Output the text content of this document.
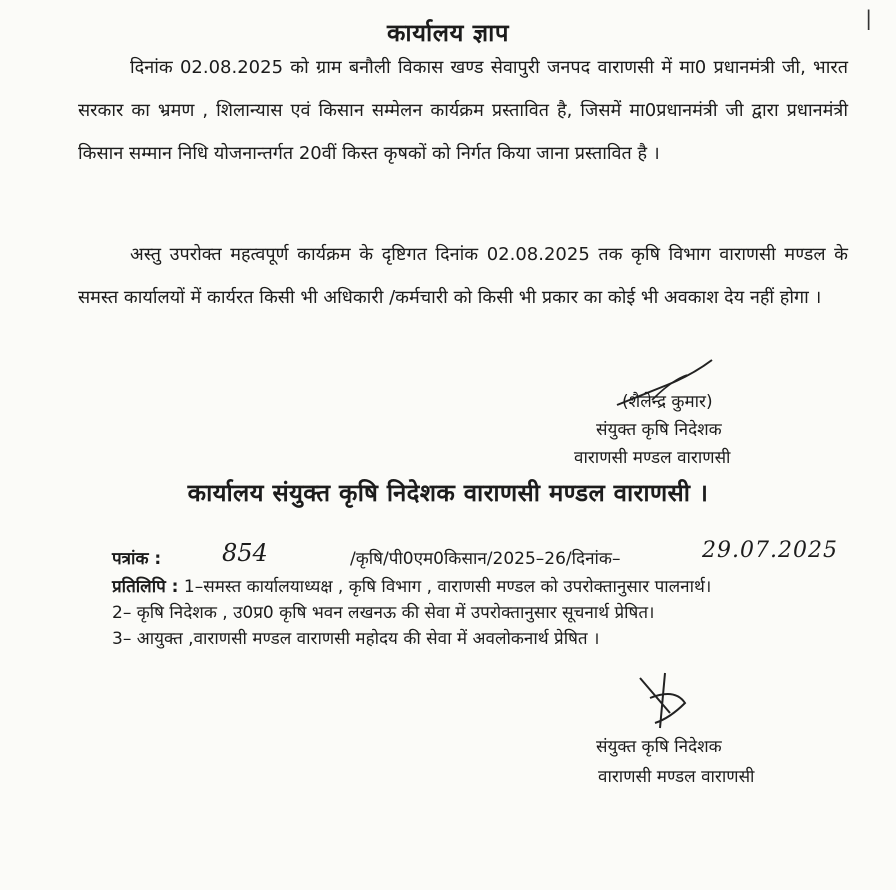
|
कार्यालय ज्ञाप
दिनांक 02.08.2025 को ग्राम बनौली विकास खण्ड सेवापुरी जनपद वाराणसी में मा0 प्रधानमंत्री जी, भारत सरकार का भ्रमण , शिलान्यास एवं किसान सम्मेलन कार्यक्रम प्रस्तावित है, जिसमें मा0प्रधानमंत्री जी द्वारा प्रधानमंत्री किसान सम्मान निधि योजनान्तर्गत 20वीं किस्त कृषकों को निर्गत किया जाना प्रस्तावित है ।
अस्तु उपरोक्त महत्वपूर्ण कार्यक्रम के दृष्टिगत दिनांक 02.08.2025 तक कृषि विभाग वाराणसी मण्डल के समस्त कार्यालयों में कार्यरत किसी भी अधिकारी /कर्मचारी को किसी भी प्रकार का कोई भी अवकाश देय नहीं होगा ।
(शैलेन्द्र कुमार)
संयुक्त कृषि निदेशक
वाराणसी मण्डल वाराणसी
कार्यालय संयुक्त कृषि निदेशक वाराणसी मण्डल वाराणसी ।
पत्रांक :	854	/कृषि/पी0एम0किसान/2025–26/दिनांक–	29.07.2025

प्रतिलिपि : 1–समस्त कार्यालयाध्यक्ष , कृषि विभाग , वाराणसी मण्डल को उपरोक्तानुसार पालनार्थ।

2– कृषि निदेशक , उ0प्र0 कृषि भवन लखनऊ की सेवा में उपरोक्तानुसार सूचनार्थ प्रेषित।

3– आयुक्त ,वाराणसी मण्डल वाराणसी महोदय की सेवा में अवलोकनार्थ प्रेषित ।

संयुक्त कृषि निदेशक
वाराणसी मण्डल वाराणसी
